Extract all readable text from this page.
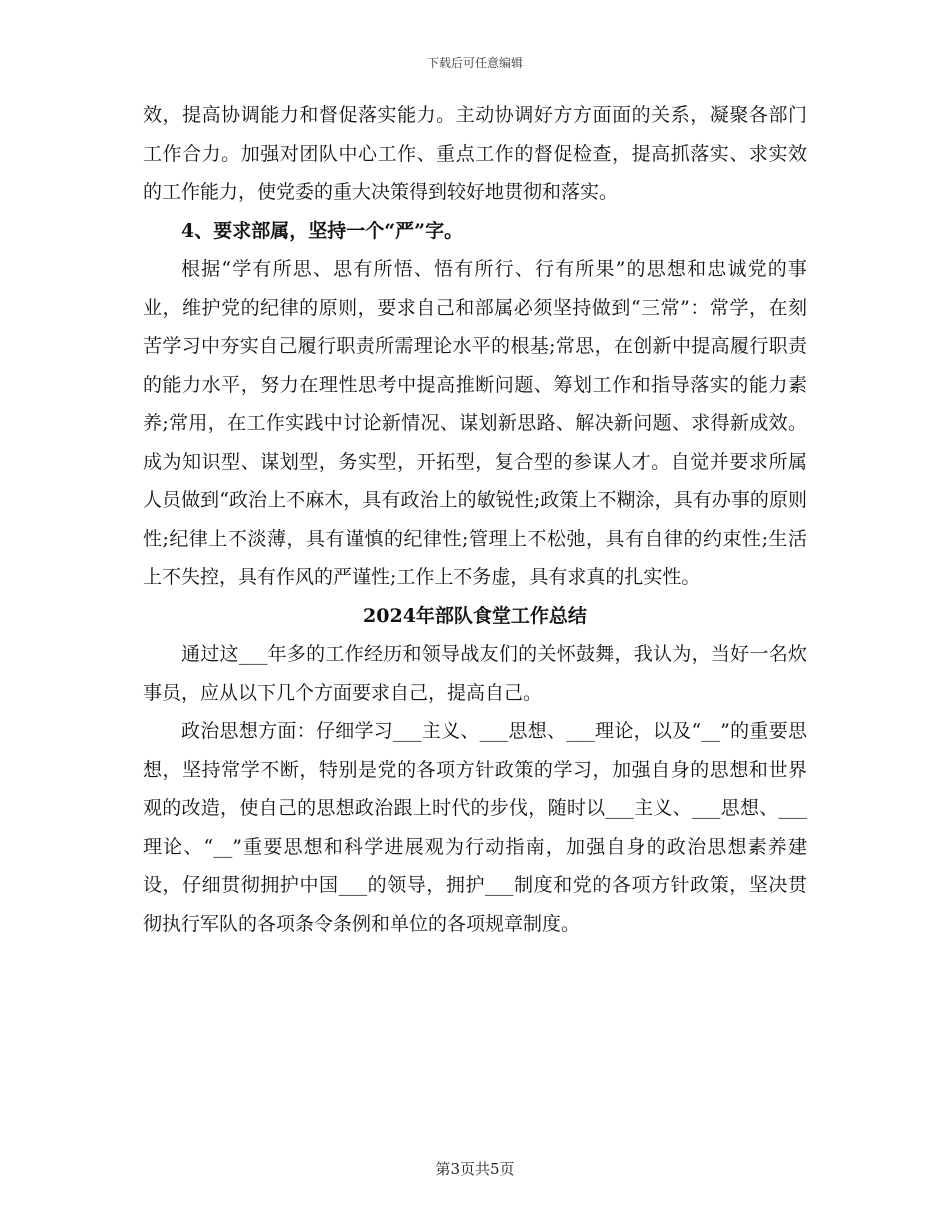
下载后可任意编辑

效，提高协调能力和督促落实能力。主动协调好方方面面的关系，凝聚各部门工作合力。加强对团队中心工作、重点工作的督促检查，提高抓落实、求实效的工作能力，使党委的重大决策得到较好地贯彻和落实。

4、要求部属，坚持一个“严”字。

根据“学有所思、思有所悟、悟有所行、行有所果”的思想和忠诚党的事业，维护党的纪律的原则，要求自己和部属必须坚持做到“三常”：常学，在刻苦学习中夯实自己履行职责所需理论水平的根基;常思，在创新中提高履行职责的能力水平，努力在理性思考中提高推断问题、筹划工作和指导落实的能力素养;常用，在工作实践中讨论新情况、谋划新思路、解决新问题、求得新成效。成为知识型、谋划型，务实型，开拓型，复合型的参谋人才。自觉并要求所属人员做到“政治上不麻木，具有政治上的敏锐性;政策上不糊涂，具有办事的原则性;纪律上不淡薄，具有谨慎的纪律性;管理上不松弛，具有自律的约束性;生活上不失控，具有作风的严谨性;工作上不务虚，具有求真的扎实性。

2024年部队食堂工作总结

通过这___年多的工作经历和领导战友们的关怀鼓舞，我认为，当好一名炊事员，应从以下几个方面要求自己，提高自己。

政治思想方面：仔细学习___主义、___思想、___理论，以及“__”的重要思想，坚持常学不断，特别是党的各项方针政策的学习，加强自身的思想和世界观的改造，使自己的思想政治跟上时代的步伐，随时以___主义、___思想、___理论、“__”重要思想和科学进展观为行动指南，加强自身的政治思想素养建设，仔细贯彻拥护中国___的领导，拥护___制度和党的各项方针政策，坚决贯彻执行军队的各项条令条例和单位的各项规章制度。

第3页共5页
